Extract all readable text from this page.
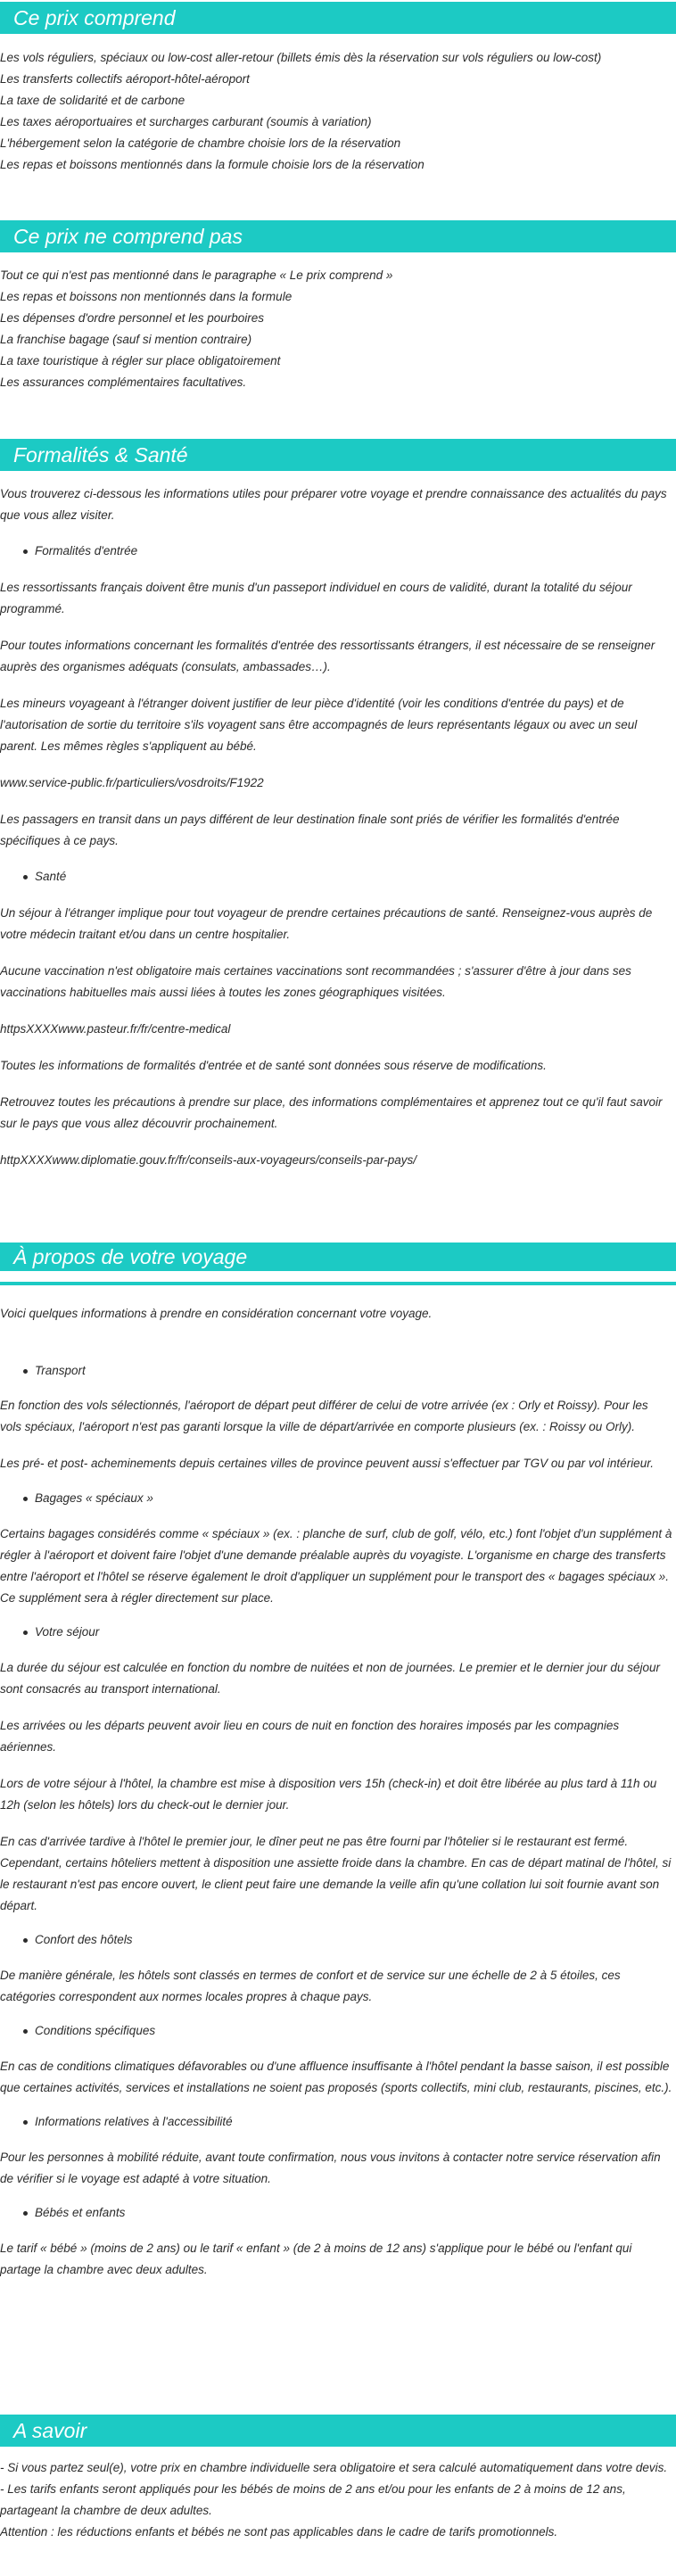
Ce prix comprend
Les vols réguliers, spéciaux ou low-cost aller-retour (billets émis dès la réservation sur vols réguliers ou low-cost)
Les transferts collectifs aéroport-hôtel-aéroport
La taxe de solidarité et de carbone
Les taxes aéroportuaires et surcharges carburant (soumis à variation)
L'hébergement selon la catégorie de chambre choisie lors de la réservation
Les repas et boissons mentionnés dans la formule choisie lors de la réservation
Ce prix ne comprend pas
Tout ce qui n'est pas mentionné dans le paragraphe « Le prix comprend »
Les repas et boissons non mentionnés dans la formule
Les dépenses d'ordre personnel et les pourboires
La franchise bagage (sauf si mention contraire)
La taxe touristique à régler sur place obligatoirement
Les assurances complémentaires facultatives.
Formalités & Santé

Vous trouverez ci-dessous les informations utiles pour préparer votre voyage et prendre connaissance des actualités du pays que vous allez visiter.

Formalités d'entrée

Les ressortissants français doivent être munis d'un passeport individuel en cours de validité, durant la totalité du séjour programmé.

Pour toutes informations concernant les formalités d'entrée des ressortissants étrangers, il est nécessaire de se renseigner auprès des organismes adéquats (consulats, ambassades…).

Les mineurs voyageant à l'étranger doivent justifier de leur pièce d'identité (voir les conditions d'entrée du pays) et de l'autorisation de sortie du territoire s'ils voyagent sans être accompagnés de leurs représentants légaux ou avec un seul parent. Les mêmes règles s'appliquent au bébé.

www.service-public.fr/particuliers/vosdroits/F1922

Les passagers en transit dans un pays différent de leur destination finale sont priés de vérifier les formalités d'entrée spécifiques à ce pays.

Santé

Un séjour à l'étranger implique pour tout voyageur de prendre certaines précautions de santé. Renseignez-vous auprès de votre médecin traitant et/ou dans un centre hospitalier.

Aucune vaccination n'est obligatoire mais certaines vaccinations sont recommandées ; s'assurer d'être à jour dans ses vaccinations habituelles mais aussi liées à toutes les zones géographiques visitées.

httpsXXXXwww.pasteur.fr/fr/centre-medical

Toutes les informations de formalités d'entrée et de santé sont données sous réserve de modifications.

Retrouvez toutes les précautions à prendre sur place, des informations complémentaires et apprenez tout ce qu'il faut savoir sur le pays que vous allez découvrir prochainement.

httpXXXXwww.diplomatie.gouv.fr/fr/conseils-aux-voyageurs/conseils-par-pays/

À propos de votre voyage

Voici quelques informations à prendre en considération concernant votre voyage.

Transport

En fonction des vols sélectionnés, l'aéroport de départ peut différer de celui de votre arrivée (ex : Orly et Roissy). Pour les vols spéciaux, l'aéroport n'est pas garanti lorsque la ville de départ/arrivée en comporte plusieurs (ex. : Roissy ou Orly).

Les pré- et post- acheminements depuis certaines villes de province peuvent aussi s'effectuer par TGV ou par vol intérieur.

Bagages « spéciaux »

Certains bagages considérés comme « spéciaux » (ex. : planche de surf, club de golf, vélo, etc.) font l'objet d'un supplément à régler à l'aéroport et doivent faire l'objet d'une demande préalable auprès du voyagiste. L'organisme en charge des transferts entre l'aéroport et l'hôtel se réserve également le droit d'appliquer un supplément pour le transport des « bagages spéciaux ». Ce supplément sera à régler directement sur place.

Votre séjour

La durée du séjour est calculée en fonction du nombre de nuitées et non de journées. Le premier et le dernier jour du séjour sont consacrés au transport international.

Les arrivées ou les départs peuvent avoir lieu en cours de nuit en fonction des horaires imposés par les compagnies aériennes.

Lors de votre séjour à l'hôtel, la chambre est mise à disposition vers 15h (check-in) et doit être libérée au plus tard à 11h ou 12h (selon les hôtels) lors du check-out le dernier jour.

En cas d'arrivée tardive à l'hôtel le premier jour, le dîner peut ne pas être fourni par l'hôtelier si le restaurant est fermé. Cependant, certains hôteliers mettent à disposition une assiette froide dans la chambre. En cas de départ matinal de l'hôtel, si le restaurant n'est pas encore ouvert, le client peut faire une demande la veille afin qu'une collation lui soit fournie avant son départ.

Confort des hôtels

De manière générale, les hôtels sont classés en termes de confort et de service sur une échelle de 2 à 5 étoiles, ces catégories correspondent aux normes locales propres à chaque pays.

Conditions spécifiques

En cas de conditions climatiques défavorables ou d'une affluence insuffisante à l'hôtel pendant la basse saison, il est possible que certaines activités, services et installations ne soient pas proposés (sports collectifs, mini club, restaurants, piscines, etc.).

Informations relatives à l'accessibilité

Pour les personnes à mobilité réduite, avant toute confirmation, nous vous invitons à contacter notre service réservation afin de vérifier si le voyage est adapté à votre situation.

Bébés et enfants

Le tarif « bébé » (moins de 2 ans) ou le tarif « enfant » (de 2 à moins de 12 ans) s'applique pour le bébé ou l'enfant qui partage la chambre avec deux adultes.

A savoir
- Si vous partez seul(e), votre prix en chambre individuelle sera obligatoire et sera calculé automatiquement dans votre devis.
- Les tarifs enfants seront appliqués pour les bébés de moins de 2 ans et/ou pour les enfants de 2 à moins de 12 ans, partageant la chambre de deux adultes.
Attention : les réductions enfants et bébés ne sont pas applicables dans le cadre de tarifs promotionnels.
